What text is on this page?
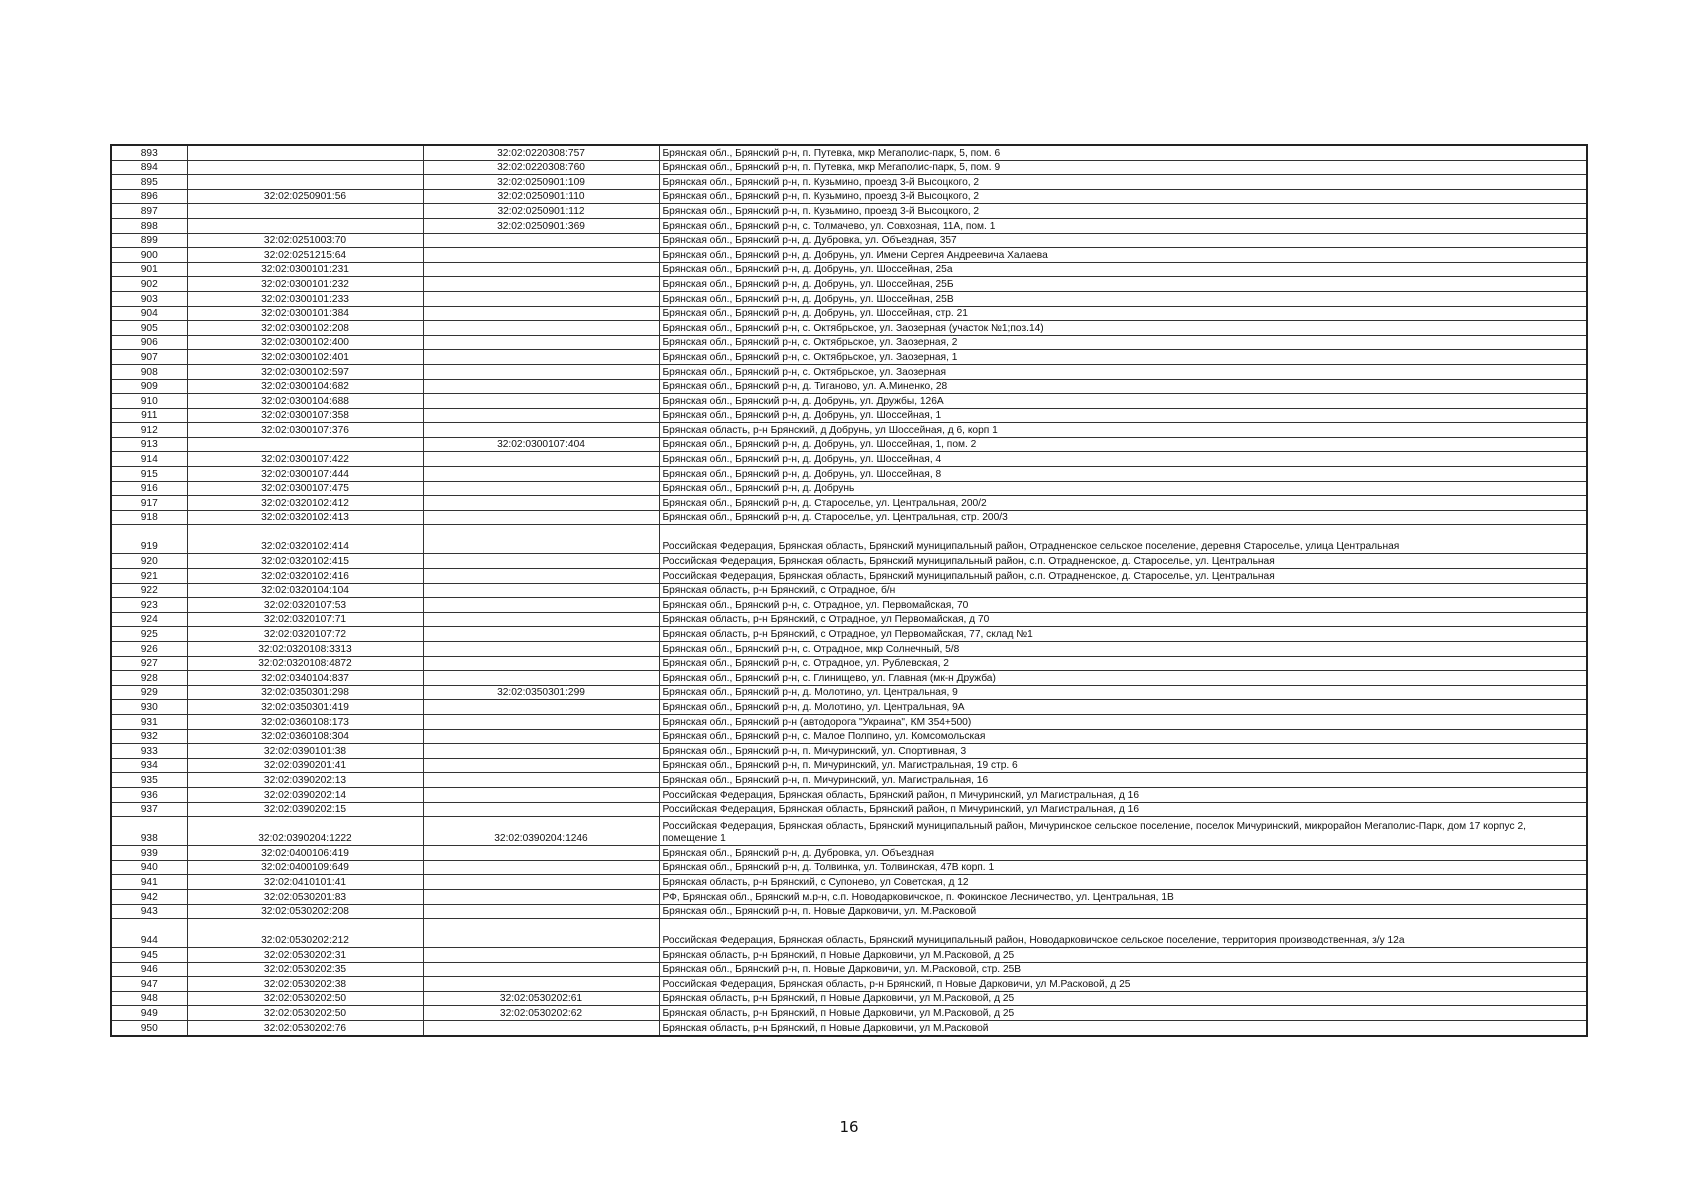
893		32:02:0220308:757	Брянская обл., Брянский р-н, п. Путевка, мкр Мегаполис-парк, 5, пом. 6
894		32:02:0220308:760	Брянская обл., Брянский р-н, п. Путевка, мкр Мегаполис-парк, 5, пом. 9
895		32:02:0250901:109	Брянская обл., Брянский р-н, п. Кузьмино, проезд 3-й Высоцкого, 2
896	32:02:0250901:56	32:02:0250901:110	Брянская обл., Брянский р-н, п. Кузьмино, проезд 3-й Высоцкого, 2
897		32:02:0250901:112	Брянская обл., Брянский р-н, п. Кузьмино, проезд 3-й Высоцкого, 2
898		32:02:0250901:369	Брянская обл., Брянский р-н, с. Толмачево, ул. Совхозная, 11А, пом. 1
899	32:02:0251003:70		Брянская обл., Брянский р-н, д. Дубровка, ул. Объездная, 357
900	32:02:0251215:64		Брянская обл., Брянский р-н, д. Добрунь, ул. Имени Сергея Андреевича Халаева
901	32:02:0300101:231		Брянская обл., Брянский р-н, д. Добрунь, ул. Шоссейная, 25а
902	32:02:0300101:232		Брянская обл., Брянский р-н, д. Добрунь, ул. Шоссейная, 25Б
903	32:02:0300101:233		Брянская обл., Брянский р-н, д. Добрунь, ул. Шоссейная, 25В
904	32:02:0300101:384		Брянская обл., Брянский р-н, д. Добрунь, ул. Шоссейная, стр. 21
905	32:02:0300102:208		Брянская обл., Брянский р-н, с. Октябрьское, ул. Заозерная (участок №1;поз.14)
906	32:02:0300102:400		Брянская обл., Брянский р-н, с. Октябрьское, ул. Заозерная, 2
907	32:02:0300102:401		Брянская обл., Брянский р-н, с. Октябрьское, ул. Заозерная, 1
908	32:02:0300102:597		Брянская обл., Брянский р-н, с. Октябрьское, ул. Заозерная
909	32:02:0300104:682		Брянская обл., Брянский р-н, д. Тиганово, ул. А.Миненко, 28
910	32:02:0300104:688		Брянская обл., Брянский р-н, д. Добрунь, ул. Дружбы, 126А
911	32:02:0300107:358		Брянская обл., Брянский р-н, д. Добрунь, ул. Шоссейная, 1
912	32:02:0300107:376		Брянская область, р-н Брянский, д Добрунь, ул Шоссейная, д 6, корп 1
913		32:02:0300107:404	Брянская обл., Брянский р-н, д. Добрунь, ул. Шоссейная, 1, пом. 2
914	32:02:0300107:422		Брянская обл., Брянский р-н, д. Добрунь, ул. Шоссейная, 4
915	32:02:0300107:444		Брянская обл., Брянский р-н, д. Добрунь, ул. Шоссейная, 8
916	32:02:0300107:475		Брянская обл., Брянский р-н, д. Добрунь
917	32:02:0320102:412		Брянская обл., Брянский р-н, д. Староселье, ул. Центральная, 200/2
918	32:02:0320102:413		Брянская обл., Брянский р-н, д. Староселье, ул. Центральная, стр. 200/3
919	32:02:0320102:414		Российская Федерация, Брянская область, Брянский муниципальный район, Отрадненское сельское поселение, деревня Староселье, улица Центральная
920	32:02:0320102:415		Российская Федерация, Брянская область, Брянский муниципальный район, с.п. Отрадненское, д. Староселье, ул. Центральная
921	32:02:0320102:416		Российская Федерация, Брянская область, Брянский муниципальный район, с.п. Отрадненское, д. Староселье, ул. Центральная
922	32:02:0320104:104		Брянская область, р-н Брянский, с Отрадное, б/н
923	32:02:0320107:53		Брянская обл., Брянский р-н, с. Отрадное, ул. Первомайская, 70
924	32:02:0320107:71		Брянская область, р-н Брянский, с Отрадное, ул Первомайская, д 70
925	32:02:0320107:72		Брянская область, р-н Брянский, с Отрадное, ул Первомайская, 77, склад №1
926	32:02:0320108:3313		Брянская обл., Брянский р-н, с. Отрадное, мкр Солнечный, 5/8
927	32:02:0320108:4872		Брянская обл., Брянский р-н, с. Отрадное, ул. Рублевская, 2
928	32:02:0340104:837		Брянская обл., Брянский р-н, с. Глинищево, ул. Главная (мк-н Дружба)
929	32:02:0350301:298	32:02:0350301:299	Брянская обл., Брянский р-н, д. Молотино, ул. Центральная, 9
930	32:02:0350301:419		Брянская обл., Брянский р-н, д. Молотино, ул. Центральная, 9А
931	32:02:0360108:173		Брянская обл., Брянский р-н (автодорога "Украина", КМ 354+500)
932	32:02:0360108:304		Брянская обл., Брянский р-н, с. Малое Полпино, ул. Комсомольская
933	32:02:0390101:38		Брянская обл., Брянский р-н, п. Мичуринский, ул. Спортивная, 3
934	32:02:0390201:41		Брянская обл., Брянский р-н, п. Мичуринский, ул. Магистральная, 19 стр. 6
935	32:02:0390202:13		Брянская обл., Брянский р-н, п. Мичуринский, ул. Магистральная, 16
936	32:02:0390202:14		Российская Федерация, Брянская область, Брянский район, п Мичуринский, ул Магистральная, д 16
937	32:02:0390202:15		Российская Федерация, Брянская область, Брянский район, п Мичуринский, ул Магистральная, д 16
938	32:02:0390204:1222	32:02:0390204:1246	Российская Федерация, Брянская область, Брянский муниципальный район, Мичуринское сельское поселение, поселок Мичуринский, микрорайон Мегаполис-Парк, дом 17 корпус 2, помещение 1
939	32:02:0400106:419		Брянская обл., Брянский р-н, д. Дубровка, ул. Объездная
940	32:02:0400109:649		Брянская обл., Брянский р-н, д. Толвинка, ул. Толвинская, 47В корп. 1
941	32:02:0410101:41		Брянская область, р-н Брянский, с Супонево, ул Советская, д 12
942	32:02:0530201:83		РФ, Брянская обл., Брянский м.р-н, с.п. Новодарковичское, п. Фокинское Лесничество, ул. Центральная, 1В
943	32:02:0530202:208		Брянская обл., Брянский р-н, п. Новые Дарковичи, ул. М.Расковой
944	32:02:0530202:212		Российская Федерация, Брянская область, Брянский муниципальный район, Новодарковичское сельское поселение, территория производственная, з/у 12а
945	32:02:0530202:31		Брянская область, р-н Брянский, п Новые Дарковичи, ул М.Расковой, д 25
946	32:02:0530202:35		Брянская обл., Брянский р-н, п. Новые Дарковичи, ул. М.Расковой, стр. 25В
947	32:02:0530202:38		Российская Федерация, Брянская область, р-н Брянский, п Новые Дарковичи, ул М.Расковой, д 25
948	32:02:0530202:50	32:02:0530202:61	Брянская область, р-н Брянский, п Новые Дарковичи, ул М.Расковой, д 25
949	32:02:0530202:50	32:02:0530202:62	Брянская область, р-н Брянский, п Новые Дарковичи, ул М.Расковой, д 25
950	32:02:0530202:76		Брянская область, р-н Брянский, п Новые Дарковичи, ул М.Расковой
16
